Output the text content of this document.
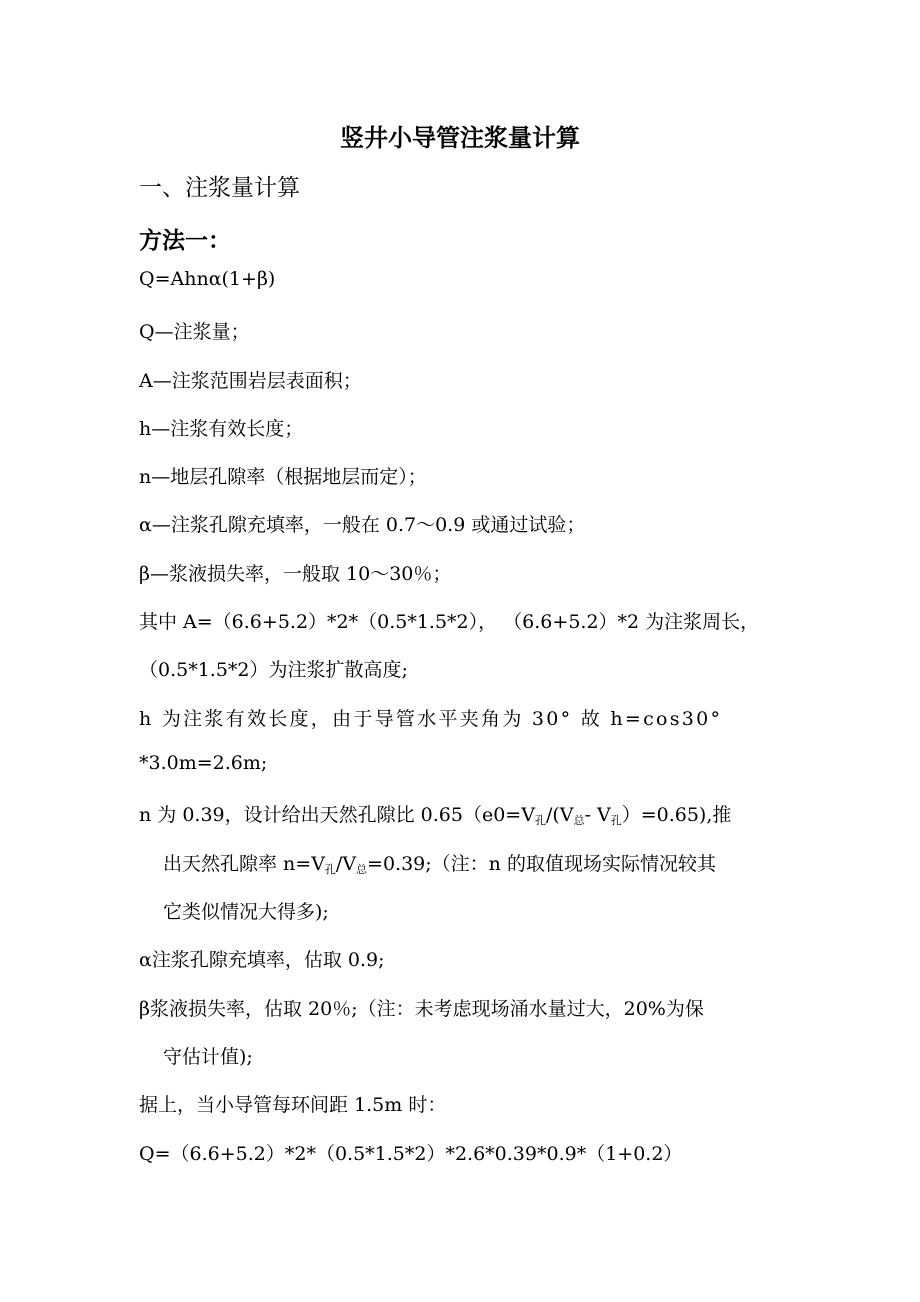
竖井小导管注浆量计算
一、注浆量计算
方法一：
Q=Ahnα(1+β)
Q—注浆量；
A—注浆范围岩层表面积；
h—注浆有效长度；
n—地层孔隙率（根据地层而定）；
α—注浆孔隙充填率，一般在 0.7～0.9 或通过试验；
β—浆液损失率，一般取 10～30％；
其中 A=（6.6+5.2）*2*（0.5*1.5*2）， （6.6+5.2）*2 为注浆周长，
（0.5*1.5*2）为注浆扩散高度;
h 为注浆有效长度，由于导管水平夹角为 30° 故 h=cos30°
*3.0m=2.6m;
n 为 0.39，设计给出天然孔隙比 $0.65(e0=V_孔/(V_总-$ $V_孔)=0.65$),推
出天然孔隙率 $n=V_孔/V_总=0.39$;（注：n 的取值现场实际情况较其
它类似情况大得多);
α注浆孔隙充填率，估取 0.9;
β浆液损失率，估取 20％;（注：未考虑现场涌水量过大，20%为保
守估计值);
据上，当小导管每环间距 1.5m 时：
Q=（6.6+5.2）*2*（0.5*1.5*2）*2.6*0.39*0.9*（1+0.2）
